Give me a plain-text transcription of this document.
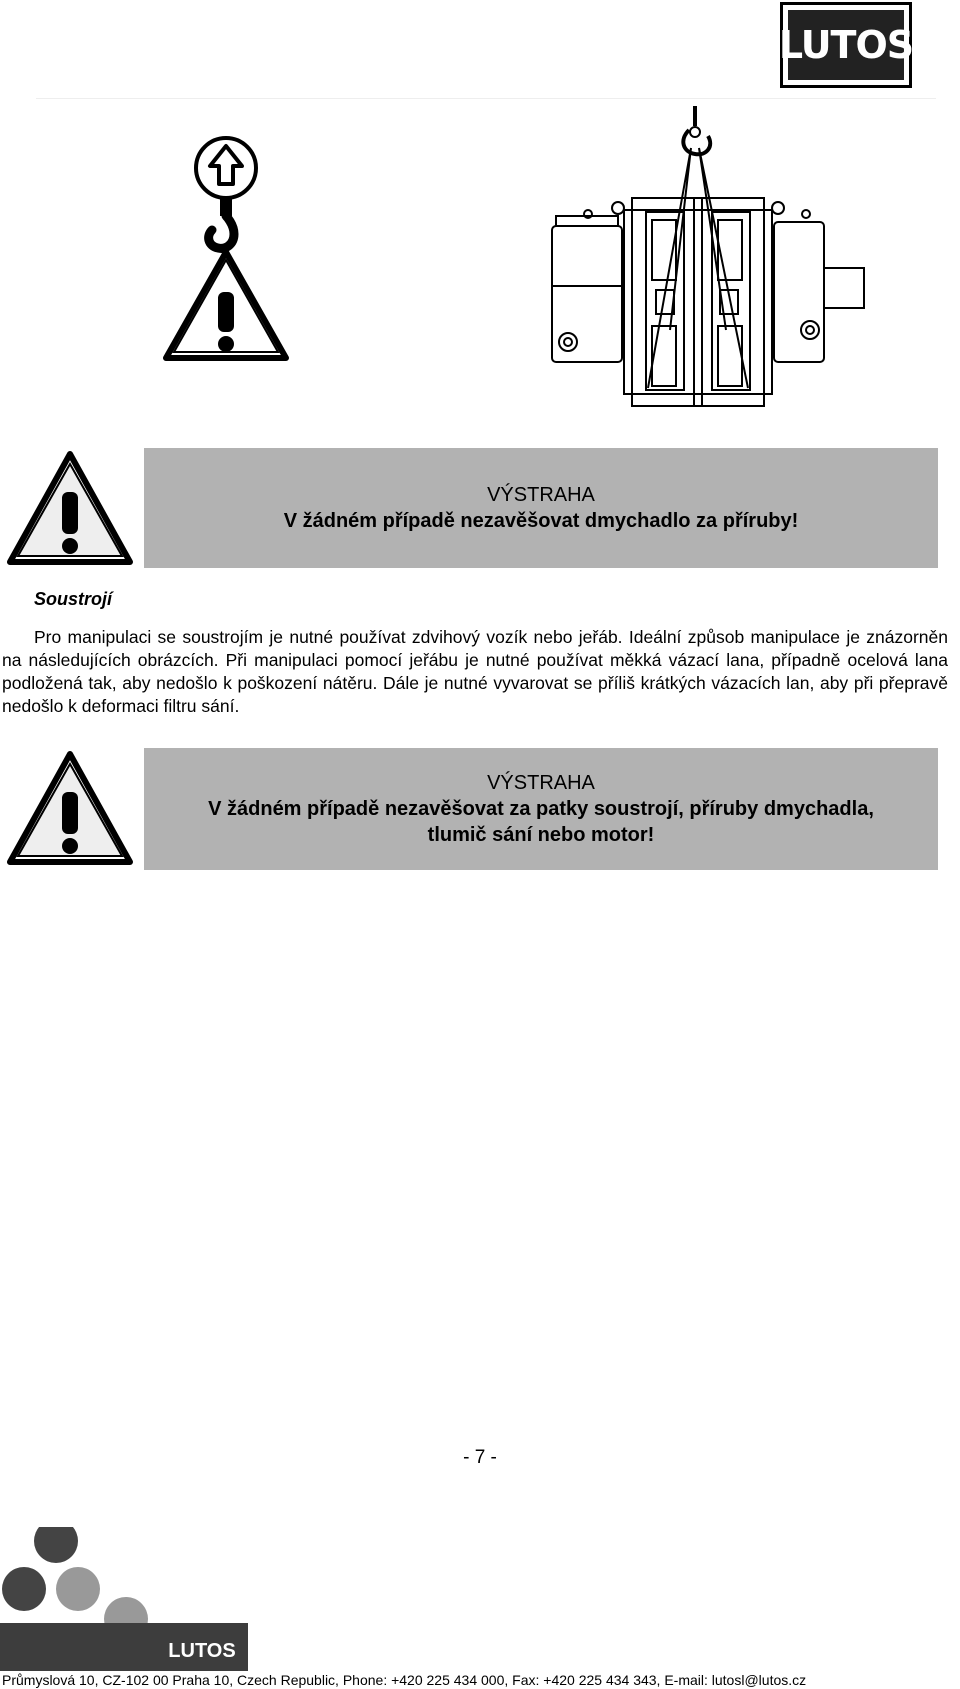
LUTOS
VÝSTRAHA
V žádném případě nezavěšovat dmychadlo za příruby!
Soustrojí
Pro manipulaci se soustrojím je nutné používat zdvihový vozík nebo jeřáb. Ideální způsob manipulace je znázorněn na následujících obrázcích. Při manipulaci pomocí jeřábu je nutné používat měkká vázací lana, případně ocelová lana podložená tak, aby nedošlo k poškození nátěru. Dále je nutné vyvarovat se příliš krátkých vázacích lan, aby při přepravě nedošlo k deformaci filtru sání.
VÝSTRAHA
V žádném případě nezavěšovat za patky soustrojí, příruby dmychadla,
tlumič sání nebo motor!
- 7 -
LUTOS
Průmyslová 10, CZ-102 00 Praha 10, Czech Republic, Phone: +420 225 434 000, Fax: +420 225 434 343, E-mail: lutosl@lutos.cz
